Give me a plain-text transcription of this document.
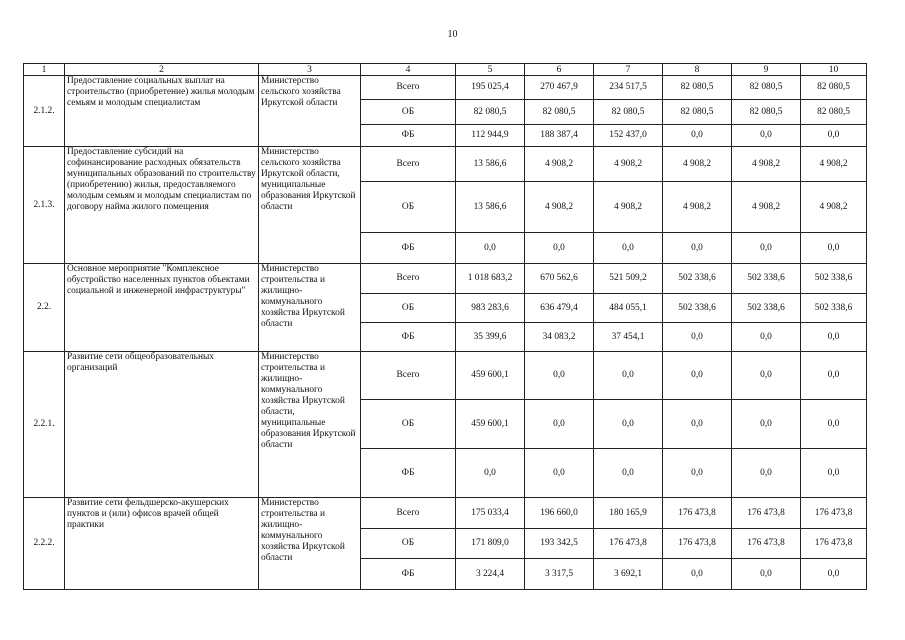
10
1	2	3	4	5	6	7	8	9	10
2.1.2.	Предоставление социальных выплат на строительство (приобретение) жилья молодым семьям и молодым специалистам	Министерство сельского хозяйства Иркутской области	Всего	195 025,4	270 467,9	234 517,5	82 080,5	82 080,5	82 080,5
			ОБ	82 080,5	82 080,5	82 080,5	82 080,5	82 080,5	82 080,5
			ФБ	112 944,9	188 387,4	152 437,0	0,0	0,0	0,0
2.1.3.	Предоставление субсидий на софинансирование расходных обязательств муниципальных образований по строительству (приобретению) жилья, предоставляемого молодым семьям и молодым специалистам по договору найма жилого помещения	Министерство сельского хозяйства Иркутской области, муниципальные образования Иркутской области	Всего	13 586,6	4 908,2	4 908,2	4 908,2	4 908,2	4 908,2
			ОБ	13 586,6	4 908,2	4 908,2	4 908,2	4 908,2	4 908,2
			ФБ	0,0	0,0	0,0	0,0	0,0	0,0
2.2.	Основное мероприятие "Комплексное обустройство населенных пунктов объектами социальной и инженерной инфраструктуры"	Министерство строительства и жилищно-коммунального хозяйства Иркутской области	Всего	1 018 683,2	670 562,6	521 509,2	502 338,6	502 338,6	502 338,6
			ОБ	983 283,6	636 479,4	484 055,1	502 338,6	502 338,6	502 338,6
			ФБ	35 399,6	34 083,2	37 454,1	0,0	0,0	0,0
2.2.1.	Развитие сети общеобразовательных организаций	Министерство строительства и жилищно-коммунального хозяйства Иркутской области, муниципальные образования Иркутской области	Всего	459 600,1	0,0	0,0	0,0	0,0	0,0
			ОБ	459 600,1	0,0	0,0	0,0	0,0	0,0
			ФБ	0,0	0,0	0,0	0,0	0,0	0,0
2.2.2.	Развитие сети фельдшерско-акушерских пунктов и (или) офисов врачей общей практики	Министерство строительства и жилищно-коммунального хозяйства Иркутской области	Всего	175 033,4	196 660,0	180 165,9	176 473,8	176 473,8	176 473,8
			ОБ	171 809,0	193 342,5	176 473,8	176 473,8	176 473,8	176 473,8
			ФБ	3 224,4	3 317,5	3 692,1	0,0	0,0	0,0
